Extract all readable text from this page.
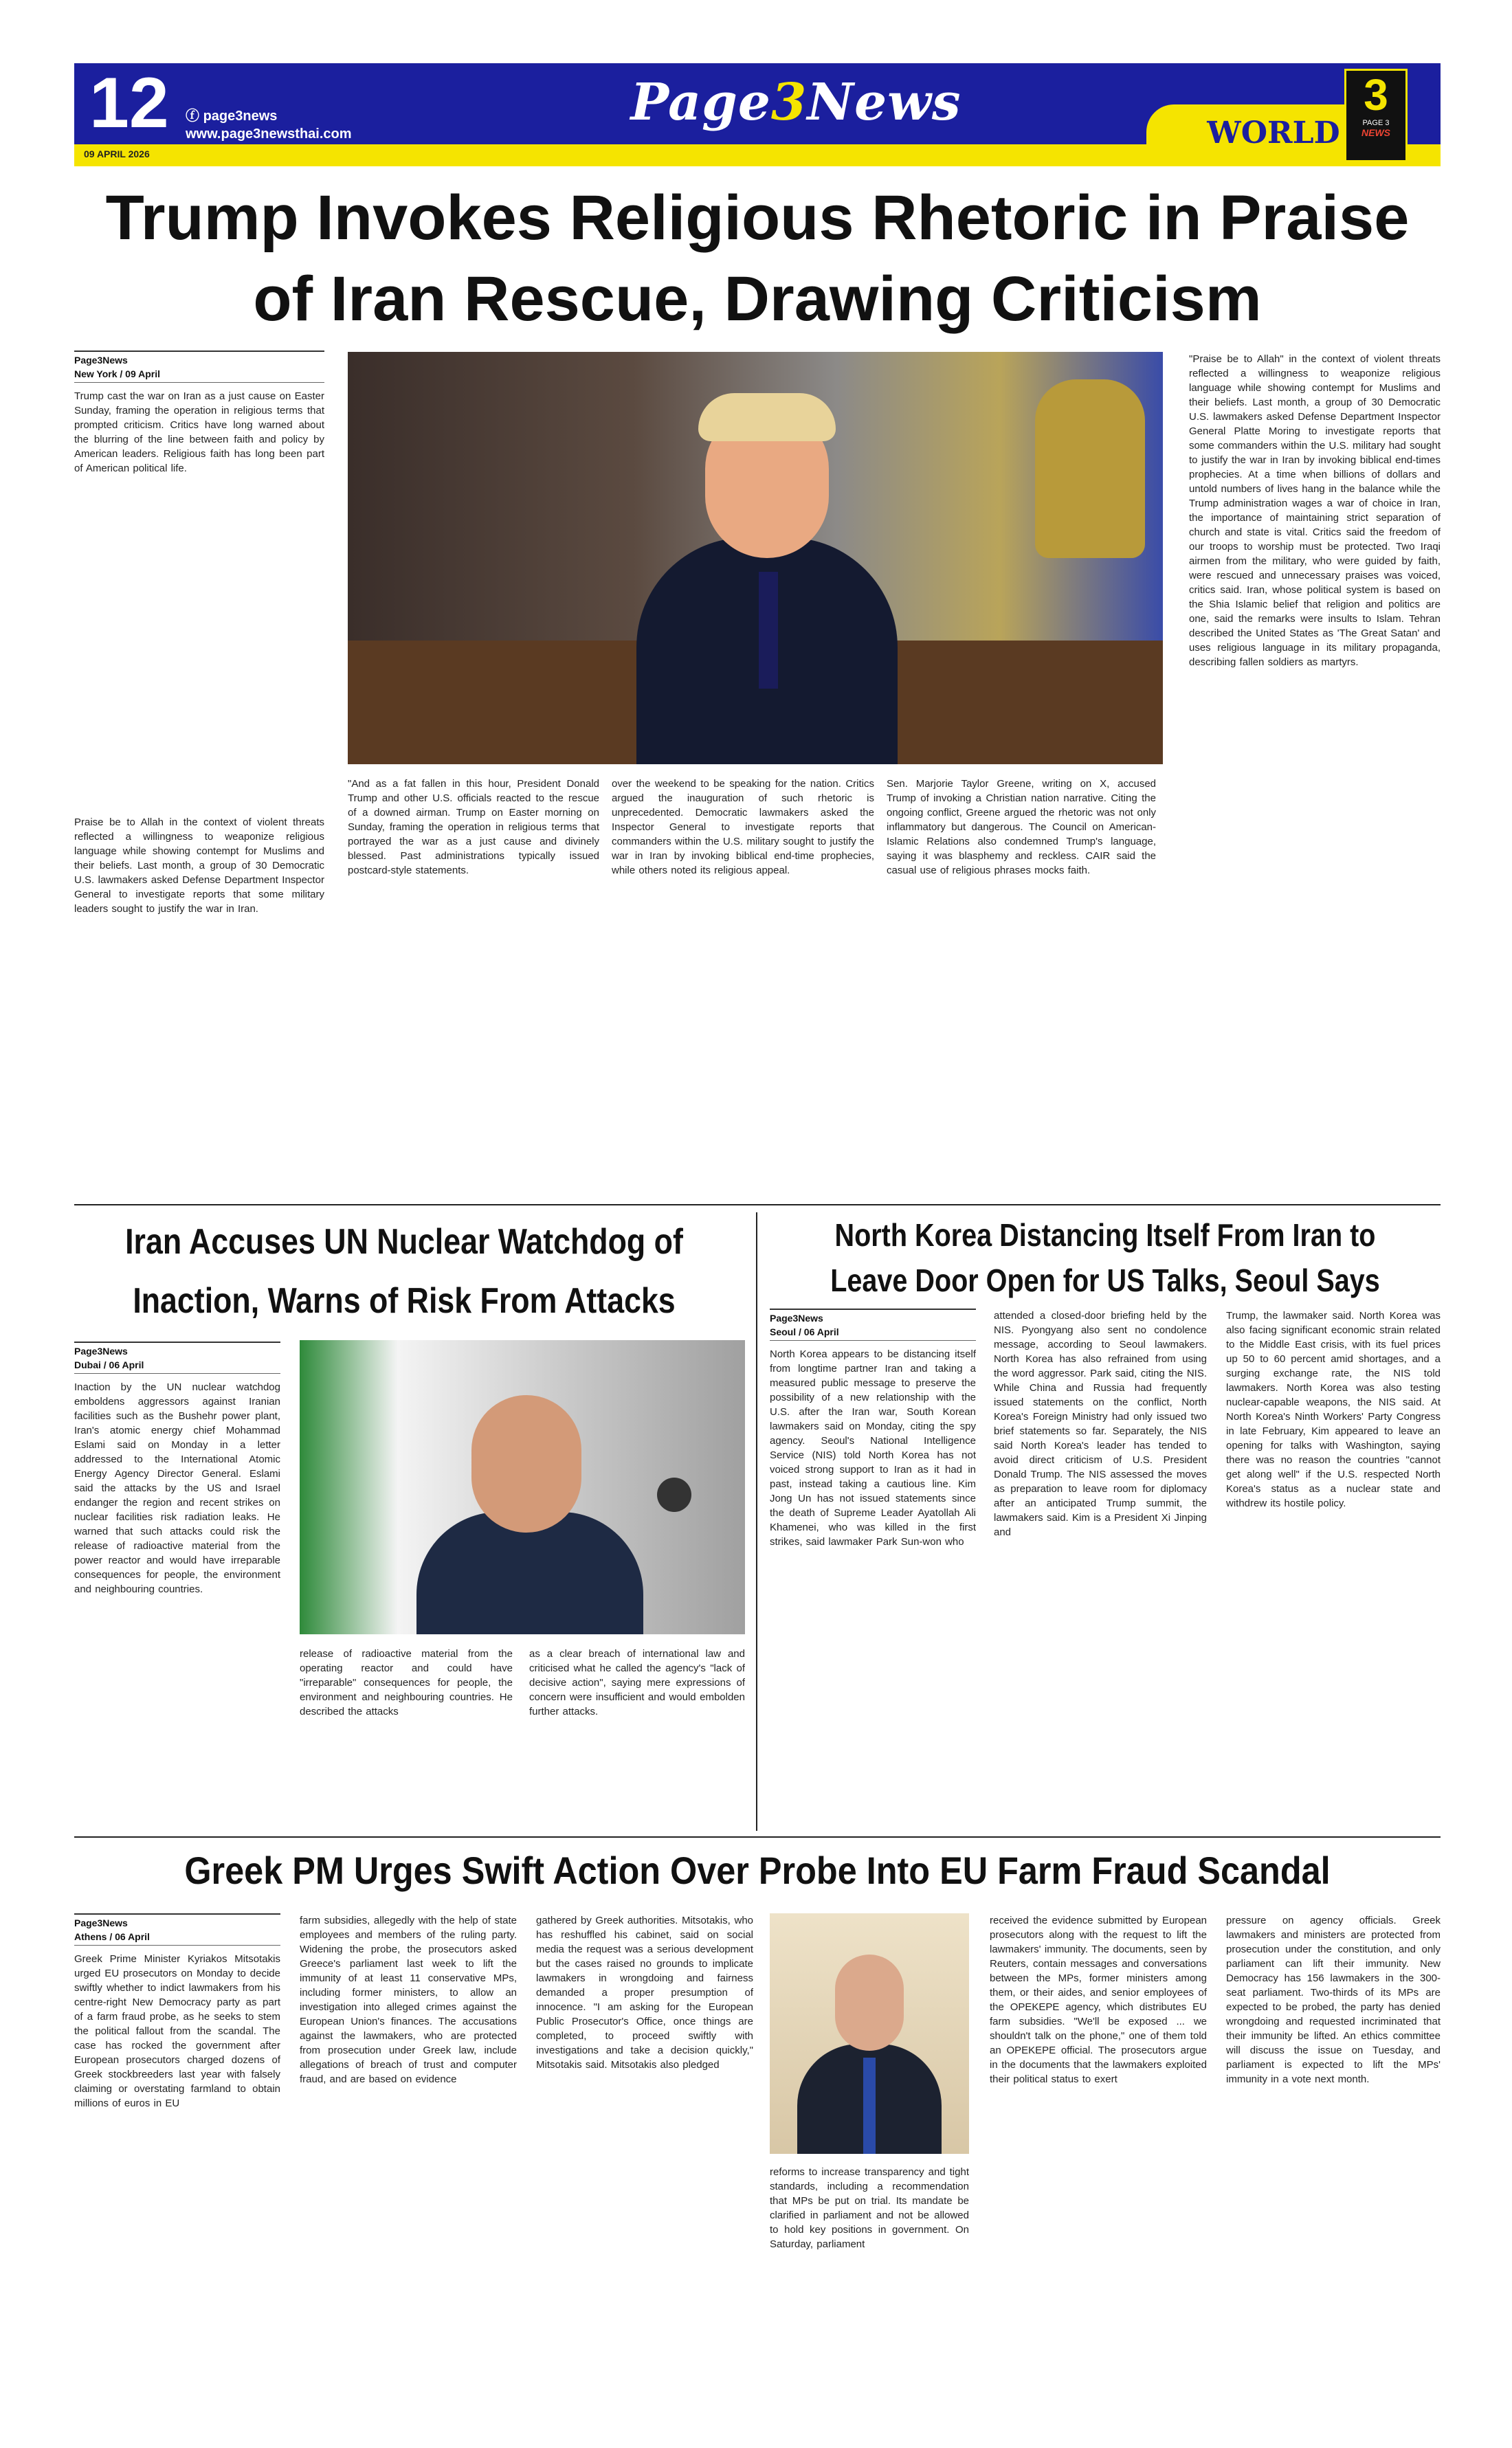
12 ⓕ page3news
www.page3newsthai.com
09 APRIL 2026
Page3News
WORLD
3
PAGE 3
NEWS
Trump Invokes Religious Rhetoric in Praise of Iran Rescue, Drawing Criticism
Page3News
New York / 09 April

Trump cast the war on Iran as a just cause on Easter Sunday, framing the operation in religious terms that prompted criticism. Critics have long warned about the blurring of the line between faith and policy by American leaders. Religious faith has long been part of American political life.

Praise be to Allah in the context of violent threats reflected a willingness to weaponize religious language while showing contempt for Muslims and their beliefs. Last month, a group of 30 Democratic U.S. lawmakers asked Defense Department Inspector General to investigate reports that some military leaders sought to justify the war in Iran.

"And as a fat fallen in this hour, President Donald Trump and other U.S. officials reacted to the rescue of a downed airman. Trump on Easter morning on Sunday, framing the operation in religious terms that portrayed the war as a just cause and divinely blessed. Past administrations typically issued postcard-style statements.

over the weekend to be speaking for the nation. Critics argued the inauguration of such rhetoric is unprecedented. Democratic lawmakers asked the Inspector General to investigate reports that commanders within the U.S. military sought to justify the war in Iran by invoking biblical end-time prophecies, while others noted its religious appeal.

Sen. Marjorie Taylor Greene, writing on X, accused Trump of invoking a Christian nation narrative. Citing the ongoing conflict, Greene argued the rhetoric was not only inflammatory but dangerous. The Council on American-Islamic Relations also condemned Trump's language, saying it was blasphemy and reckless. CAIR said the casual use of religious phrases mocks faith.

"Praise be to Allah" in the context of violent threats reflected a willingness to weaponize religious language while showing contempt for Muslims and their beliefs. Last month, a group of 30 Democratic U.S. lawmakers asked Defense Department Inspector General Platte Moring to investigate reports that some commanders within the U.S. military had sought to justify the war in Iran by invoking biblical end-times prophecies. At a time when billions of dollars and untold numbers of lives hang in the balance while the Trump administration wages a war of choice in Iran, the importance of maintaining strict separation of church and state is vital. Critics said the freedom of our troops to worship must be protected. Two Iraqi airmen from the military, who were guided by faith, were rescued and unnecessary praises was voiced, critics said. Iran, whose political system is based on the Shia Islamic belief that religion and politics are one, said the remarks were insults to Islam. Tehran described the United States as 'The Great Satan' and uses religious language in its military propaganda, describing fallen soldiers as martyrs.

Iran Accuses UN Nuclear Watchdog of Inaction, Warns of Risk From Attacks
Page3News
Dubai / 06 April

Inaction by the UN nuclear watchdog emboldens aggressors against Iranian facilities such as the Bushehr power plant, Iran's atomic energy chief Mohammad Eslami said on Monday in a letter addressed to the International Atomic Energy Agency Director General. Eslami said the attacks by the US and Israel endanger the region and recent strikes on nuclear facilities risk radiation leaks. He warned that such attacks could risk the release of radioactive material from the power reactor and would have irreparable consequences for people, the environment and neighbouring countries.

release of radioactive material from the operating reactor and could have "irreparable" consequences for people, the environment and neighbouring countries. He described the attacks

as a clear breach of international law and criticised what he called the agency's "lack of decisive action", saying mere expressions of concern were insufficient and would embolden further attacks.

North Korea Distancing Itself From Iran to Leave Door Open for US Talks, Seoul Says
Page3News
Seoul / 06 April

North Korea appears to be distancing itself from longtime partner Iran and taking a measured public message to preserve the possibility of a new relationship with the U.S. after the Iran war, South Korean lawmakers said on Monday, citing the spy agency. Seoul's National Intelligence Service (NIS) told North Korea has not voiced strong support to Iran as it had in past, instead taking a cautious line. Kim Jong Un has not issued statements since the death of Supreme Leader Ayatollah Ali Khamenei, who was killed in the first strikes, said lawmaker Park Sun-won who

attended a closed-door briefing held by the NIS. Pyongyang also sent no condolence message, according to Seoul lawmakers. North Korea has also refrained from using the word aggressor. Park said, citing the NIS. While China and Russia had frequently issued statements on the conflict, North Korea's Foreign Ministry had only issued two brief statements so far. Separately, the NIS said North Korea's leader has tended to avoid direct criticism of U.S. President Donald Trump. The NIS assessed the moves as preparation to leave room for diplomacy after an anticipated Trump summit, the lawmakers said. Kim is a President Xi Jinping and

Trump, the lawmaker said. North Korea was also facing significant economic strain related to the Middle East crisis, with its fuel prices up 50 to 60 percent amid shortages, and a surging exchange rate, the NIS told lawmakers. North Korea was also testing nuclear-capable weapons, the NIS said. At North Korea's Ninth Workers' Party Congress in late February, Kim appeared to leave an opening for talks with Washington, saying there was no reason the countries "cannot get along well" if the U.S. respected North Korea's status as a nuclear state and withdrew its hostile policy.

Greek PM Urges Swift Action Over Probe Into EU Farm Fraud Scandal
Page3News
Athens / 06 April

Greek Prime Minister Kyriakos Mitsotakis urged EU prosecutors on Monday to decide swiftly whether to indict lawmakers from his centre-right New Democracy party as part of a farm fraud probe, as he seeks to stem the political fallout from the scandal. The case has rocked the government after European prosecutors charged dozens of Greek stockbreeders last year with falsely claiming or overstating farmland to obtain millions of euros in EU

farm subsidies, allegedly with the help of state employees and members of the ruling party. Widening the probe, the prosecutors asked Greece's parliament last week to lift the immunity of at least 11 conservative MPs, including former ministers, to allow an investigation into alleged crimes against the European Union's finances. The accusations against the lawmakers, who are protected from prosecution under Greek law, include allegations of breach of trust and computer fraud, and are based on evidence

gathered by Greek authorities. Mitsotakis, who has reshuffled his cabinet, said on social media the request was a serious development but the cases raised no grounds to implicate lawmakers in wrongdoing and fairness demanded a proper presumption of innocence. "I am asking for the European Public Prosecutor's Office, once things are completed, to proceed swiftly with investigations and take a decision quickly," Mitsotakis said. Mitsotakis also pledged

reforms to increase transparency and tight standards, including a recommendation that MPs be put on trial. Its mandate be clarified in parliament and not be allowed to hold key positions in government. On Saturday, parliament

received the evidence submitted by European prosecutors along with the request to lift the lawmakers' immunity. The documents, seen by Reuters, contain messages and conversations between the MPs, former ministers among them, or their aides, and senior employees of the OPEKEPE agency, which distributes EU farm subsidies. "We'll be exposed ... we shouldn't talk on the phone," one of them told an OPEKEPE official. The prosecutors argue in the documents that the lawmakers exploited their political status to exert

pressure on agency officials. Greek lawmakers and ministers are protected from prosecution under the constitution, and only parliament can lift their immunity. New Democracy has 156 lawmakers in the 300-seat parliament. Two-thirds of its MPs are expected to be probed, the party has denied wrongdoing and requested incriminated that their immunity be lifted. An ethics committee will discuss the issue on Tuesday, and parliament is expected to lift the MPs' immunity in a vote next month.
